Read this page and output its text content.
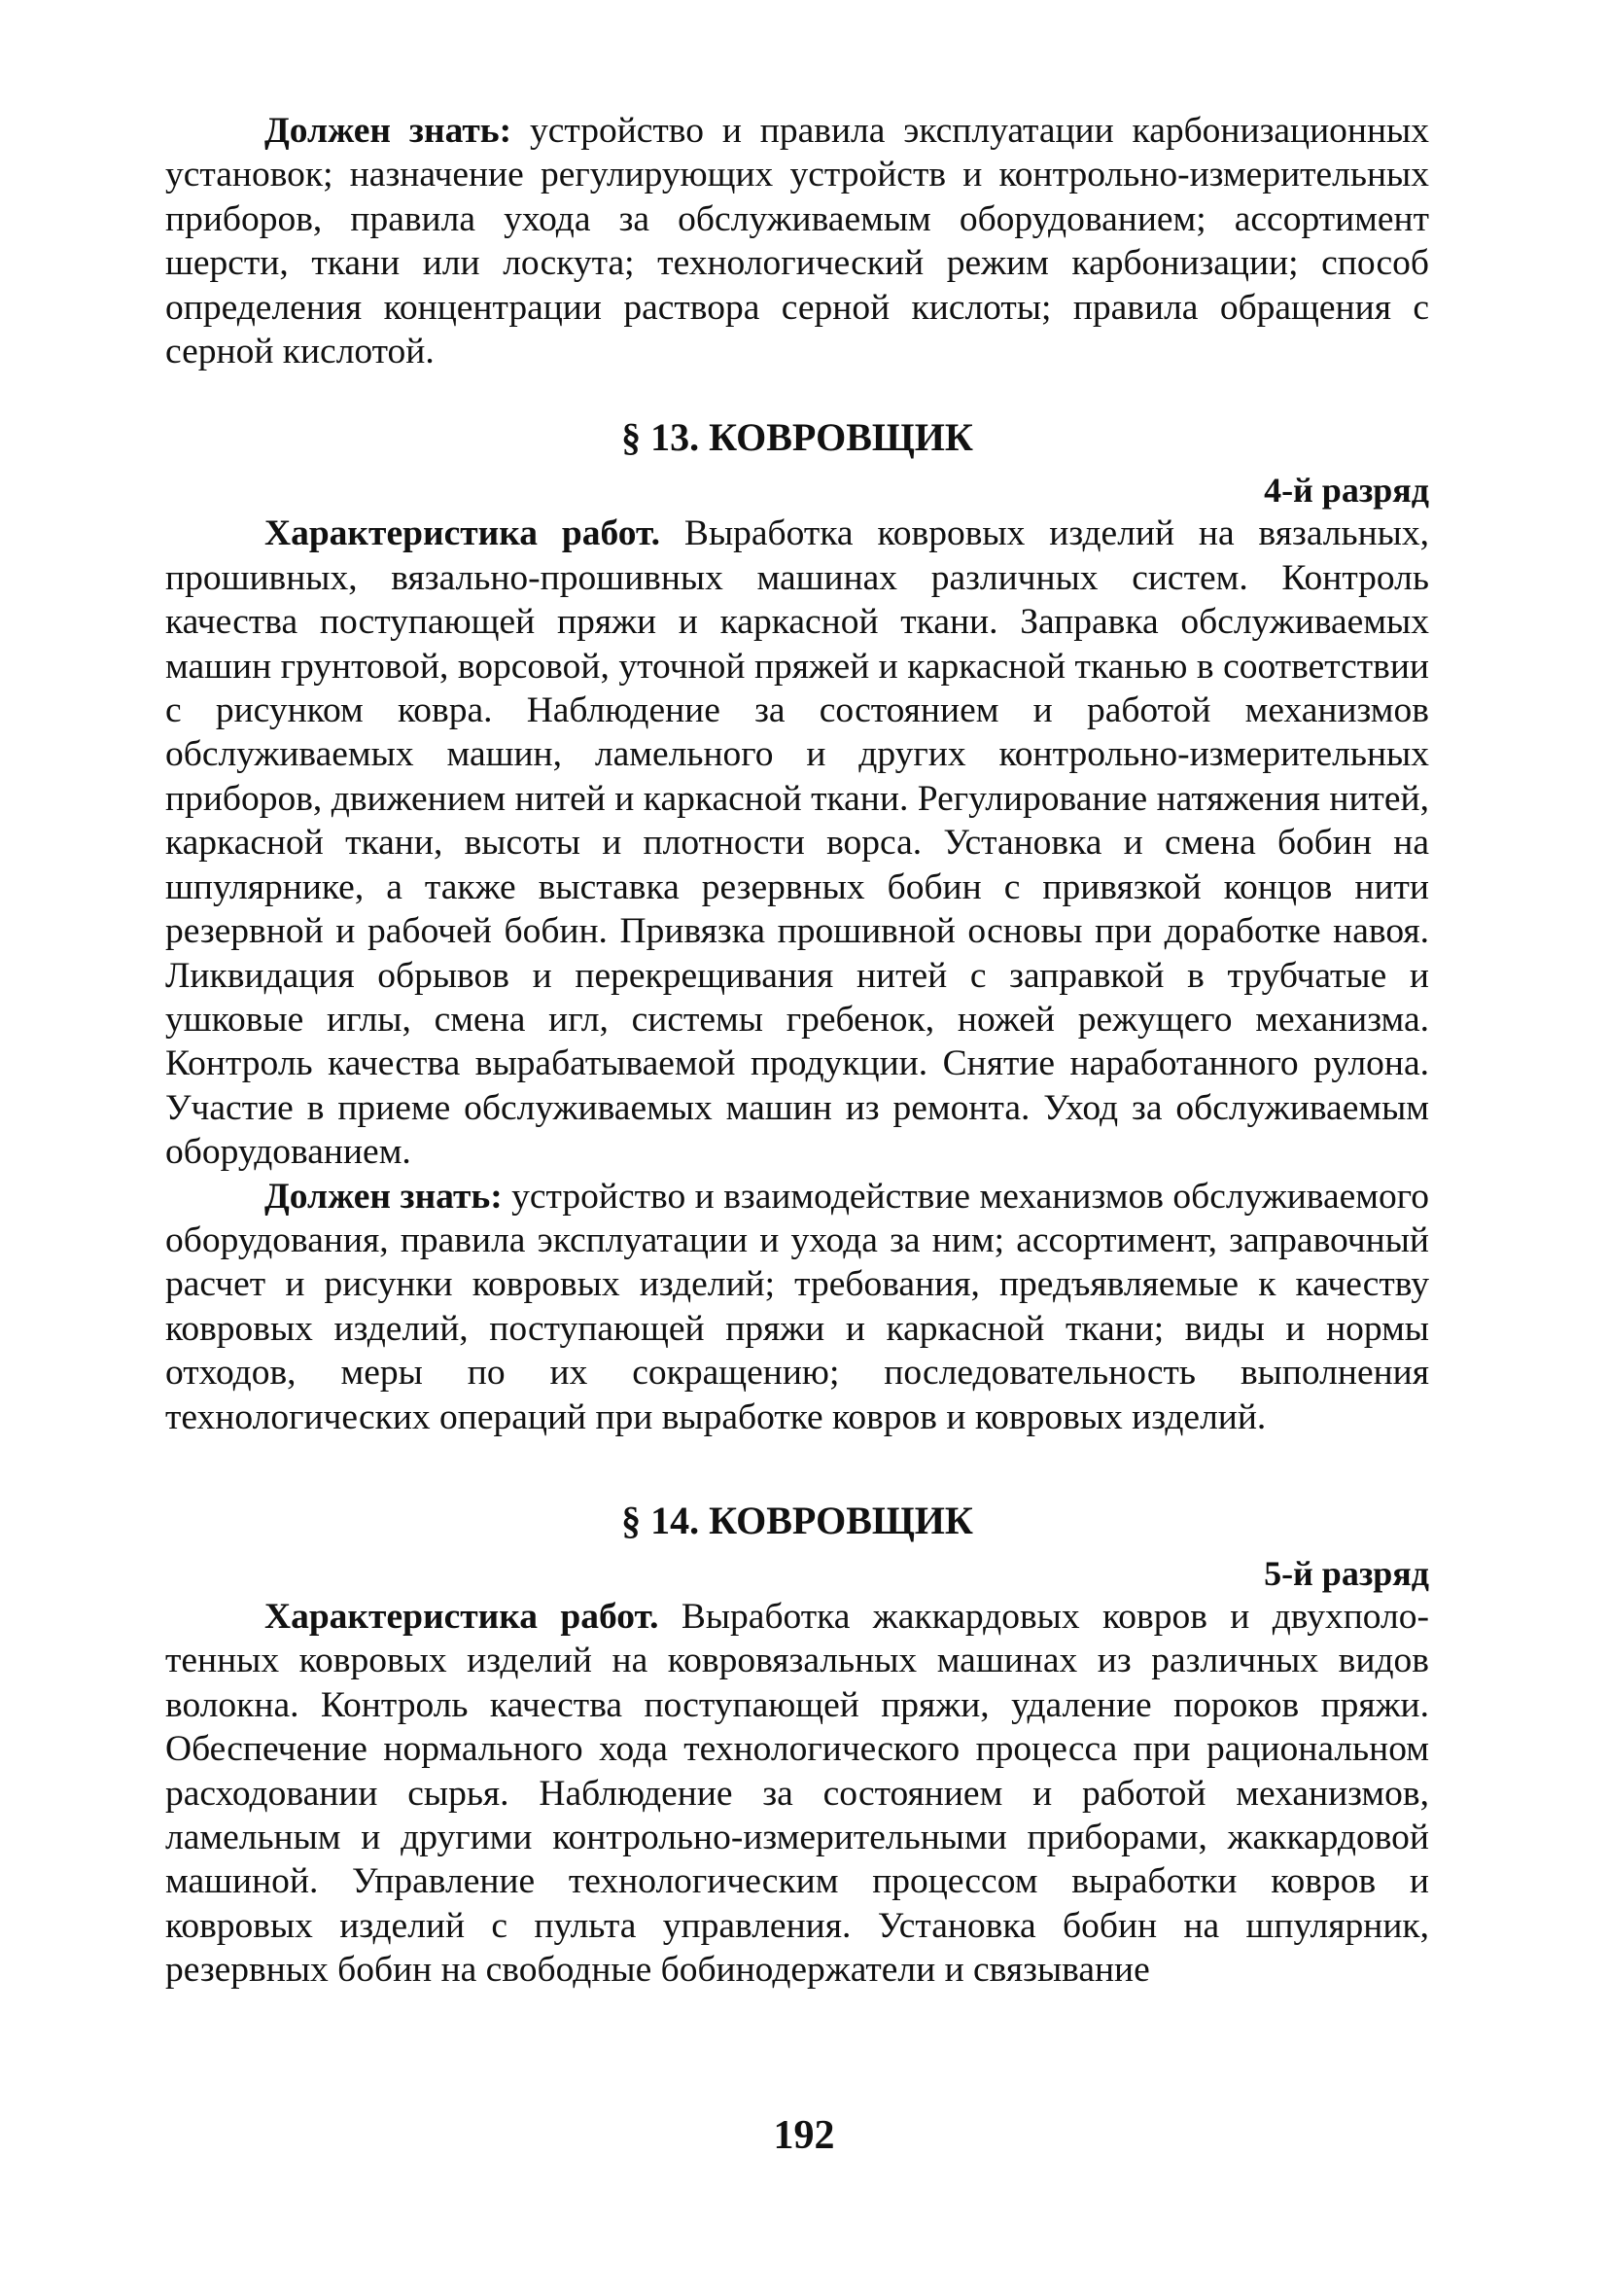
Должен знать: устройство и правила эксплуатации карбонизационных установок; назначение регулирующих устройств и контрольно-измерительных приборов, правила ухода за обслуживаемым оборудованием; ассортимент шерсти, ткани или лоскута; технологический режим карбонизации; способ определения концентрации раствора серной кислоты; правила обращения с серной кислотой.

§ 13. КОВРОВЩИК
4-й разряд

Характеристика работ. Выработка ковровых изделий на вязальных, прошивных, вязально-прошивных машинах различных систем. Контроль качества поступающей пряжи и каркасной ткани. Заправка обслуживаемых машин грунтовой, ворсовой, уточной пряжей и каркасной тканью в соответствии с рисунком ковра. Наблюдение за состоянием и работой механизмов обслуживаемых машин, ламельного и других контрольно-измерительных приборов, движением нитей и каркасной ткани. Регулирование натяжения нитей, каркасной ткани, высоты и плотности ворса. Установка и смена бобин на шпулярнике, а также выставка резервных бобин с привязкой концов нити резервной и рабочей бобин. Привязка прошивной основы при доработке навоя. Ликвидация обрывов и перекрещивания нитей с заправкой в трубчатые и ушковые иглы, смена игл, системы гребенок, ножей режущего механизма. Контроль качества вырабатываемой продукции. Снятие наработанного рулона. Участие в приеме обслуживаемых машин из ремонта. Уход за обслуживаемым оборудованием.

Должен знать: устройство и взаимодействие механизмов обслуживаемого оборудования, правила эксплуатации и ухода за ним; ассортимент, заправочный расчет и рисунки ковровых изделий; требования, предъявляемые к качеству ковровых изделий, поступающей пряжи и каркасной ткани; виды и нормы отходов, меры по их сокращению; последовательность выполнения технологических операций при выработке ковров и ковровых изделий.

§ 14. КОВРОВЩИК
5-й разряд

Характеристика работ. Выработка жаккардовых ковров и двухполотенных ковровых изделий на ковровязальных машинах из различных видов волокна. Контроль качества поступающей пряжи, удаление пороков пряжи. Обеспечение нормального хода технологического процесса при рациональном расходовании сырья. Наблюдение за состоянием и работой механизмов, ламельным и другими контрольно-измерительными приборами, жаккардовой машиной. Управление технологическим процессом выработки ковров и ковровых изделий с пульта управления. Установка бобин на шпулярник, резервных бобин на свободные бобинодержатели и связывание

192
